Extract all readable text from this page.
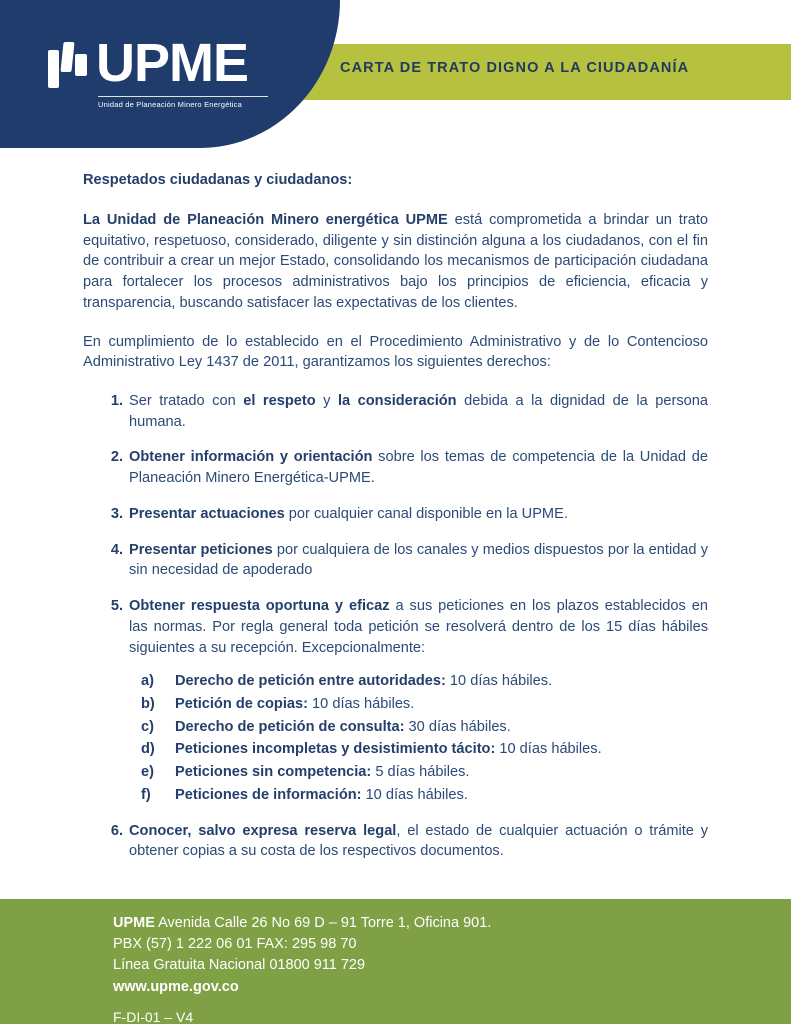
UPME
Unidad de Planeación Minero Energética
CARTA DE TRATO DIGNO A LA CIUDADANÍA
Respetados ciudadanas y ciudadanos:

La Unidad de Planeación Minero energética UPME está comprometida a brindar un trato equitativo, respetuoso, considerado, diligente y sin distinción alguna a los ciudadanos, con el fin de contribuir a crear un mejor Estado, consolidando los mecanismos de participación ciudadana para fortalecer los procesos administrativos bajo los principios de eficiencia, eficacia y transparencia, buscando satisfacer las expectativas de los clientes.

En cumplimiento de lo establecido en el Procedimiento Administrativo y de lo Contencioso Administrativo Ley 1437 de 2011, garantizamos los siguientes derechos:

1. Ser tratado con el respeto y la consideración debida a la dignidad de la persona humana.
2. Obtener información y orientación sobre los temas de competencia de la Unidad de Planeación Minero Energética-UPME.
3. Presentar actuaciones por cualquier canal disponible en la UPME.
4. Presentar peticiones por cualquiera de los canales y medios dispuestos por la entidad y sin necesidad de apoderado
5. Obtener respuesta oportuna y eficaz a sus peticiones en los plazos establecidos en las normas. Por regla general toda petición se resolverá dentro de los 15 días hábiles siguientes a su recepción. Excepcionalmente:
a)	Derecho de petición entre autoridades: 10 días hábiles.
b)	Petición de copias: 10 días hábiles.
c)	Derecho de petición de consulta: 30 días hábiles.
d)	Peticiones incompletas y desistimiento tácito: 10 días hábiles.
e)	Peticiones sin competencia: 5 días hábiles.
f)	Peticiones de información: 10 días hábiles.
6. Conocer, salvo expresa reserva legal, el estado de cualquier actuación o trámite y obtener copias a su costa de los respectivos documentos.
UPME Avenida Calle 26 No 69 D – 91 Torre 1, Oficina 901.
PBX (57) 1 222 06 01 FAX: 295 98 70
Línea Gratuita Nacional 01800 911 729
www.upme.gov.co
F-DI-01 – V4
